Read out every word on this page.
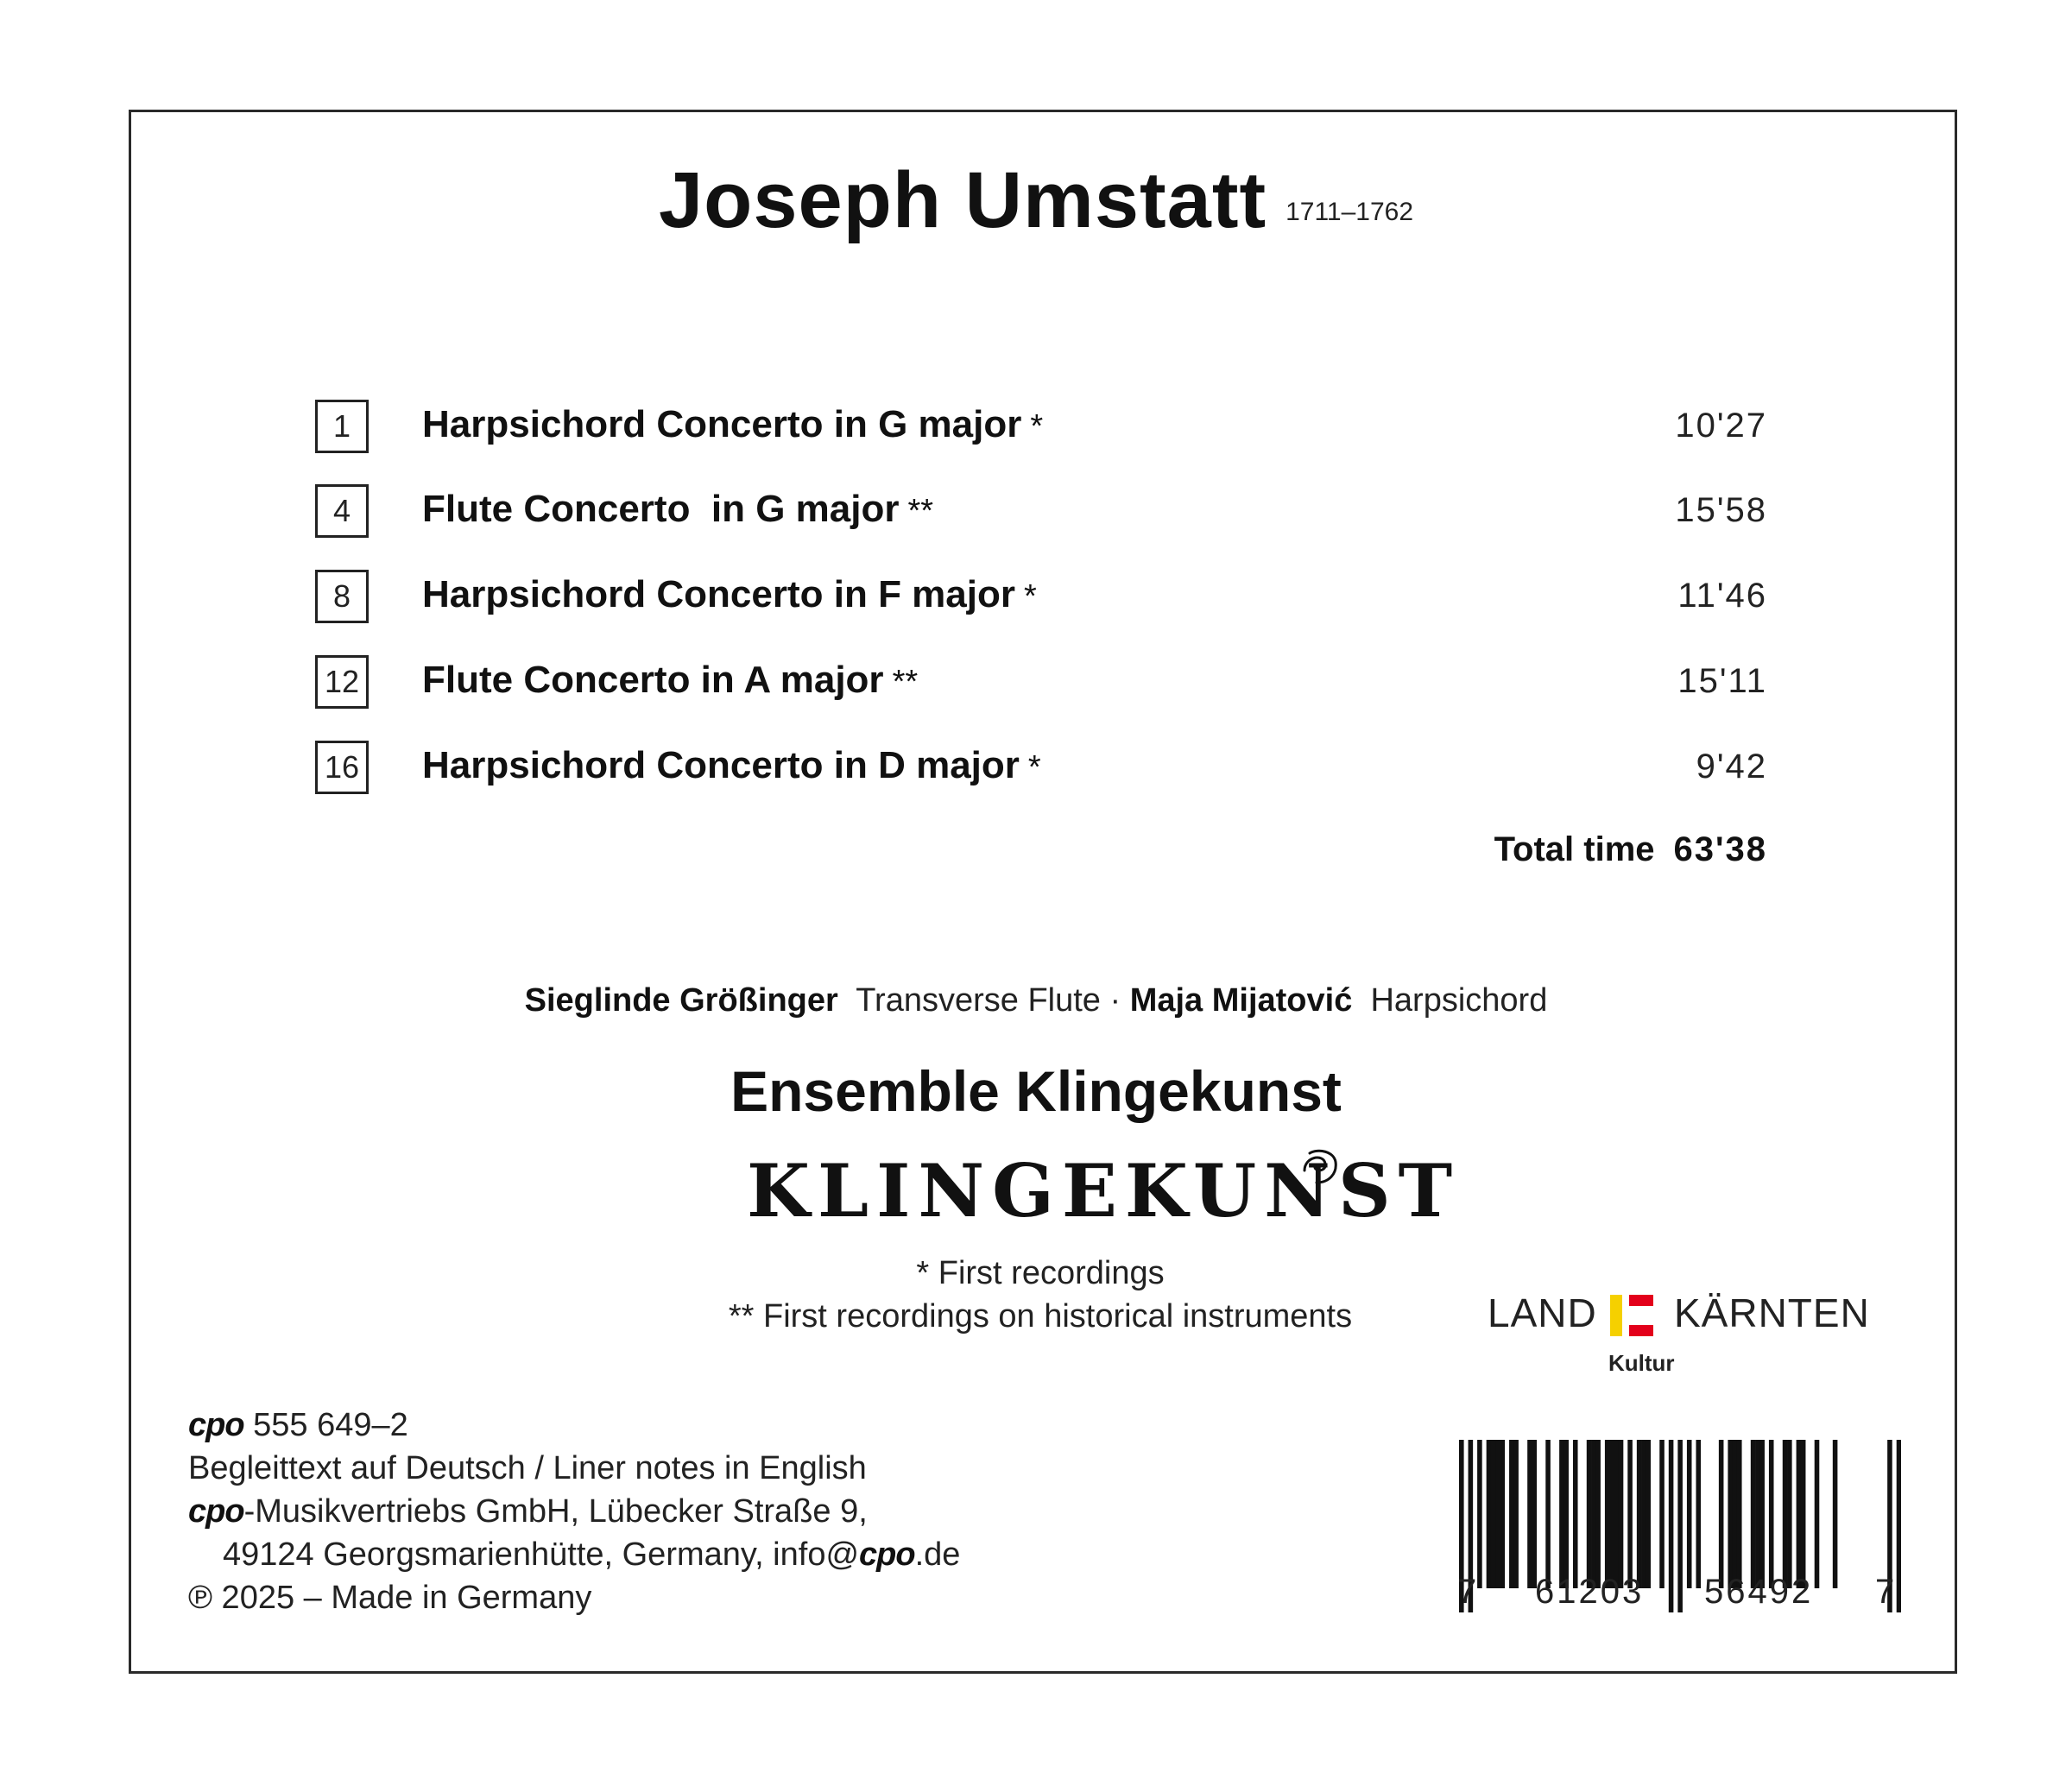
Joseph Umstatt 1711–1762
1	Harpsichord Concerto in G major *	10'27
4	Flute Concerto  in G major **	15'58
8	Harpsichord Concerto in F major *	11'46
12 Flute Concerto in A major **	15'11
16 Harpsichord Concerto in D major *	9'42
Total time 63'38
Sieglinde Größinger Transverse Flute · Maja Mijatović Harpsichord
Ensemble Klingekunst
KLINGEKUNST
* First recordings
** First recordings on historical instruments	LAND KÄRNTEN
Kultur
cpo 555 649–2
Begleittext auf Deutsch / Liner notes in English
cpo-Musikvertriebs GmbH, Lübecker Straße 9,
49124 Georgsmarienhütte, Germany, info@cpo.de
℗ 2025 – Made in Germany	7 61203 56492 7
